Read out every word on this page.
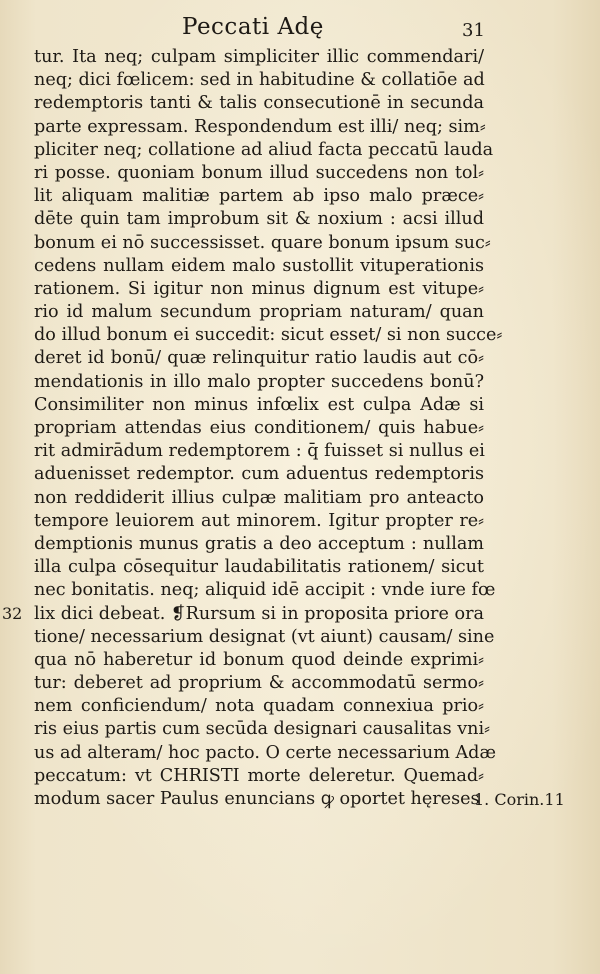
Peccati Adę	31
tur. Ita neq; culpam simpliciter illic commendari/
neq; dici fœlicem: sed in habitudine & collatiōe ad
redemptoris tanti & talis consecutionē in secunda
parte expressam. Respondendum est illi/ neq; sim⸗
pliciter neq; collatione ad aliud facta peccatū lauda
ri posse. quoniam bonum illud succedens non tol⸗
lit aliquam malitiæ partem ab ipso malo præce⸗
dēte quin tam improbum sit & noxium : acsi illud
bonum ei nō successisset. quare bonum ipsum suc⸗
cedens nullam eidem malo sustollit vituperationis
rationem. Si igitur non minus dignum est vitupe⸗
rio id malum secundum propriam naturam/ quan
do illud bonum ei succedit: sicut esset/ si non succe⸗
deret id bonū/ quæ relinquitur ratio laudis aut cō⸗
mendationis in illo malo propter succedens bonū?
Consimiliter non minus infœlix est culpa Adæ si
propriam attendas eius conditionem/ quis habue⸗
rit admirādum redemptorem : q̄ fuisset si nullus ei
aduenisset redemptor. cum aduentus redemptoris
non reddiderit illius culpæ malitiam pro anteacto
tempore leuiorem aut minorem. Igitur propter re⸗
demptionis munus gratis a deo acceptum : nullam
illa culpa cōsequitur laudabilitatis rationem/ sicut
nec bonitatis. neq; aliquid idē accipit : vnde iure fœ
lix dici debeat. ❡Rursum si in proposita priore ora
tione/ necessarium designat (vt aiunt) causam/ sine
qua nō haberetur id bonum quod deinde exprimi⸗
tur: deberet ad proprium & accommodatū sermo⸗
nem conficiendum/ nota quadam connexiua prio⸗
ris eius partis cum secūda designari causalitas vni⸗
us ad alteram/ hoc pacto. O certe necessarium Adæ
peccatum: vt CHRISTI morte deleretur. Quemad⸗
modum sacer Paulus enuncians ꝙ oportet hęreses
32
1. Corin.11
